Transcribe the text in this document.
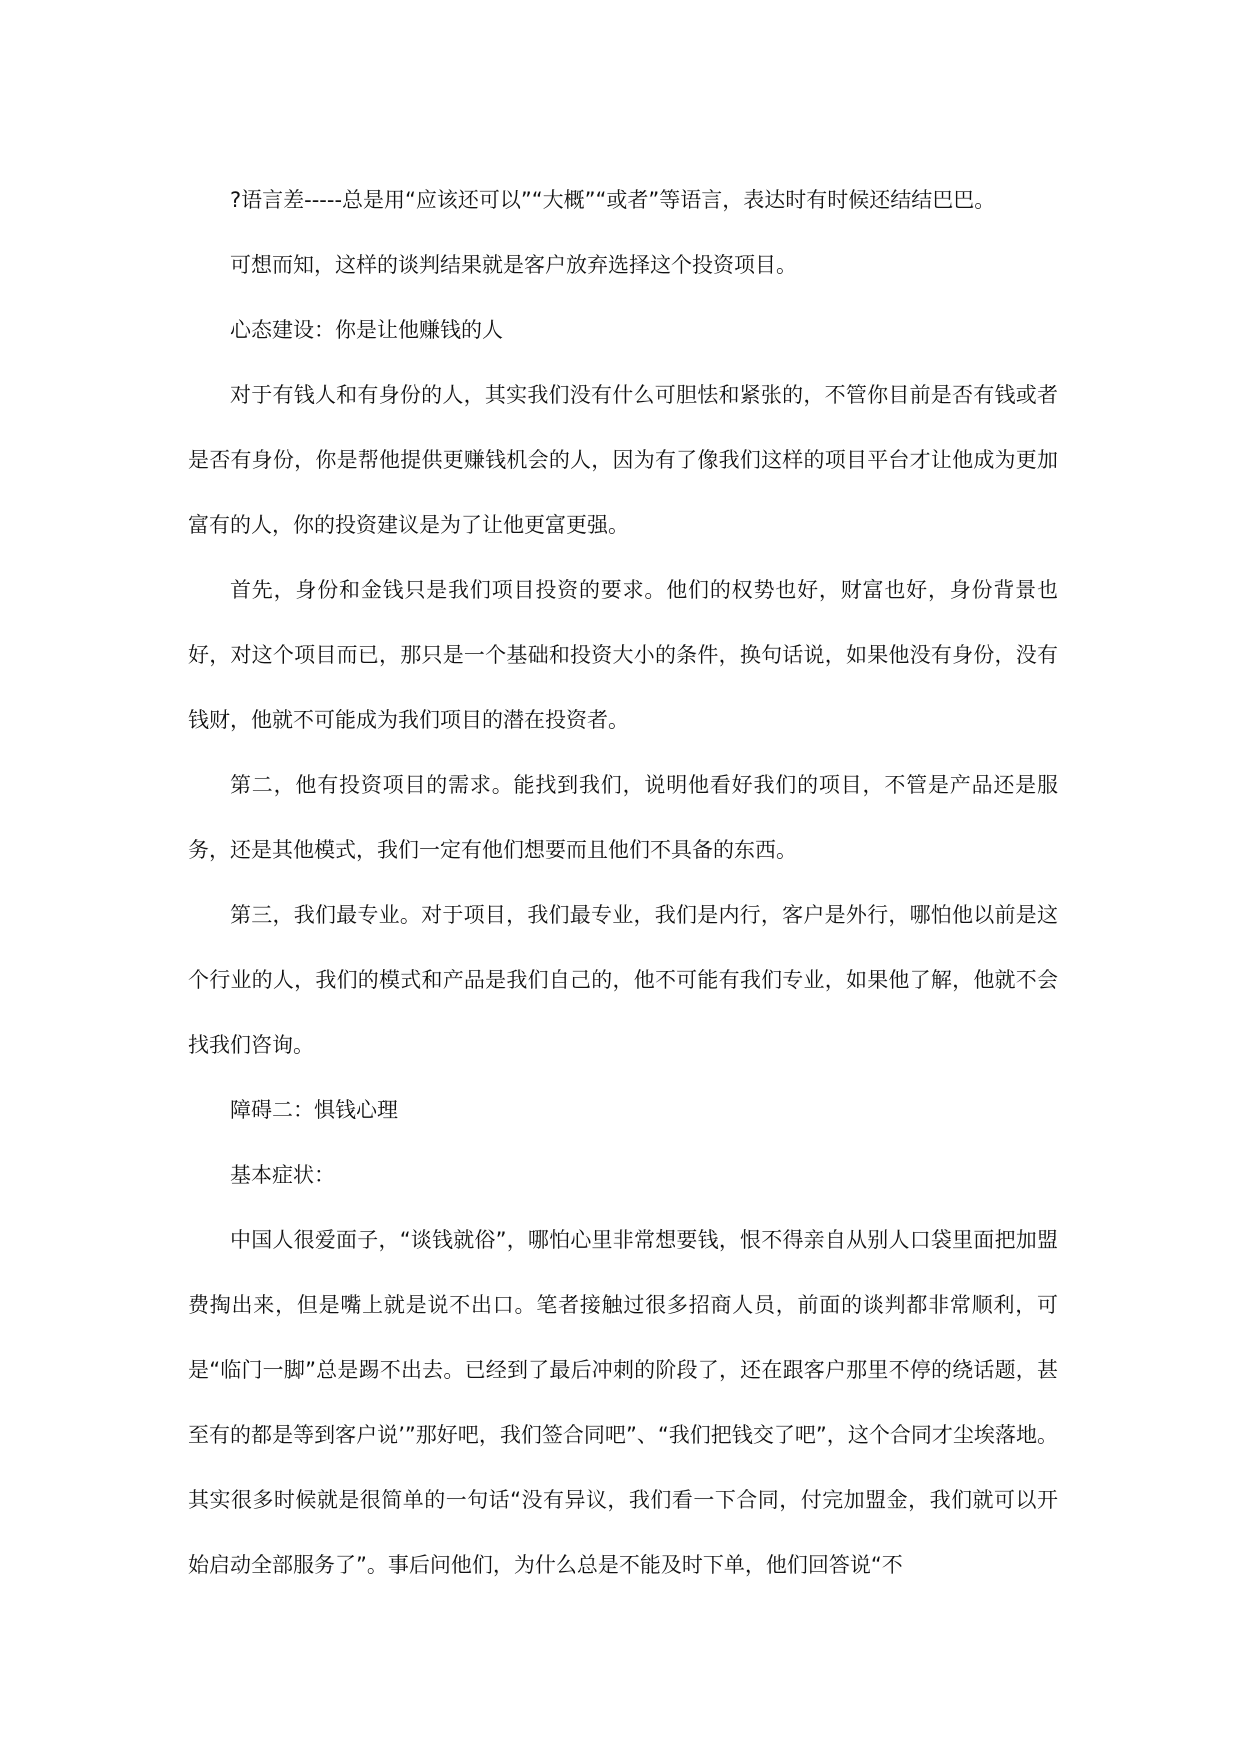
?语言差-----总是用“应该还可以”“大概”“或者”等语言，表达时有时候还结结巴巴。

可想而知，这样的谈判结果就是客户放弃选择这个投资项目。

心态建设：你是让他赚钱的人

对于有钱人和有身份的人，其实我们没有什么可胆怯和紧张的，不管你目前是否有钱或者是否有身份，你是帮他提供更赚钱机会的人，因为有了像我们这样的项目平台才让他成为更加富有的人，你的投资建议是为了让他更富更强。

首先，身份和金钱只是我们项目投资的要求。他们的权势也好，财富也好，身份背景也好，对这个项目而已，那只是一个基础和投资大小的条件，换句话说，如果他没有身份，没有钱财，他就不可能成为我们项目的潜在投资者。

第二，他有投资项目的需求。能找到我们，说明他看好我们的项目，不管是产品还是服务，还是其他模式，我们一定有他们想要而且他们不具备的东西。

第三，我们最专业。对于项目，我们最专业，我们是内行，客户是外行，哪怕他以前是这个行业的人，我们的模式和产品是我们自己的，他不可能有我们专业，如果他了解，他就不会找我们咨询。

障碍二：惧钱心理

基本症状：

中国人很爱面子，“谈钱就俗”，哪怕心里非常想要钱，恨不得亲自从别人口袋里面把加盟费掏出来，但是嘴上就是说不出口。笔者接触过很多招商人员，前面的谈判都非常顺利，可是“临门一脚”总是踢不出去。已经到了最后冲刺的阶段了，还在跟客户那里不停的绕话题，甚至有的都是等到客户说’”那好吧，我们签合同吧”、“我们把钱交了吧”，这个合同才尘埃落地。其实很多时候就是很简单的一句话“没有异议，我们看一下合同，付完加盟金，我们就可以开始启动全部服务了”。事后问他们，为什么总是不能及时下单，他们回答说“不
